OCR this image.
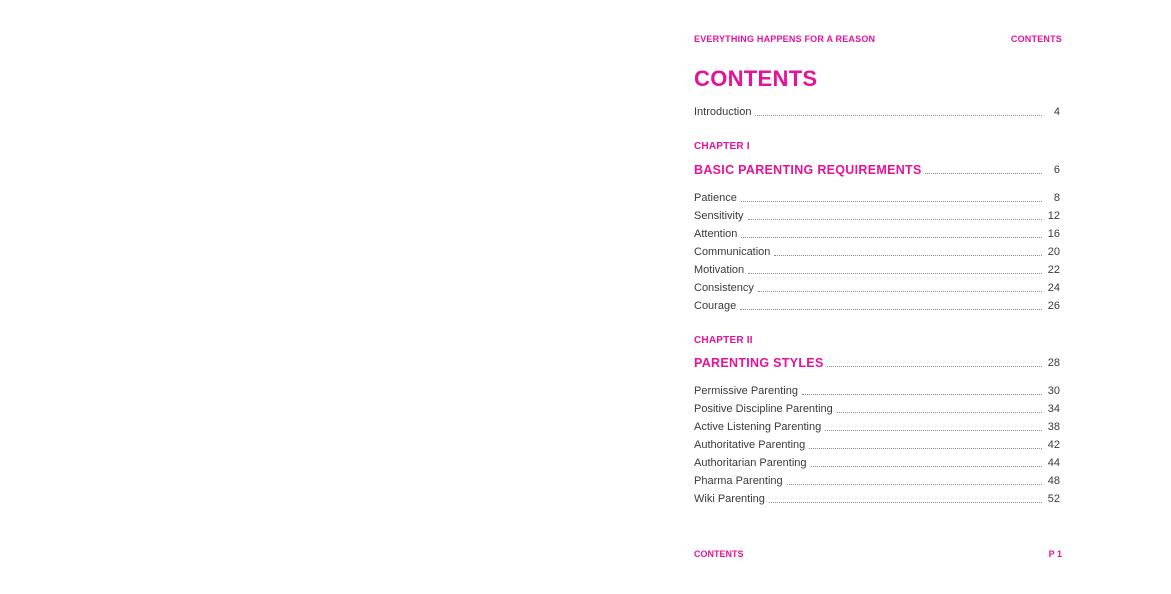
EVERYTHING HAPPENS FOR A REASON	CONTENTS
CONTENTS
Introduction	4
CHAPTER I
BASIC PARENTING REQUIREMENTS	6
Patience	8
Sensitivity	12
Attention	16
Communication	20
Motivation	22
Consistency	24
Courage	26
CHAPTER II
PARENTING STYLES	28
Permissive Parenting	30
Positive Discipline Parenting	34
Active Listening Parenting	38
Authoritative Parenting	42
Authoritarian Parenting	44
Pharma Parenting	48
Wiki Parenting	52
CONTENTS	P 1
